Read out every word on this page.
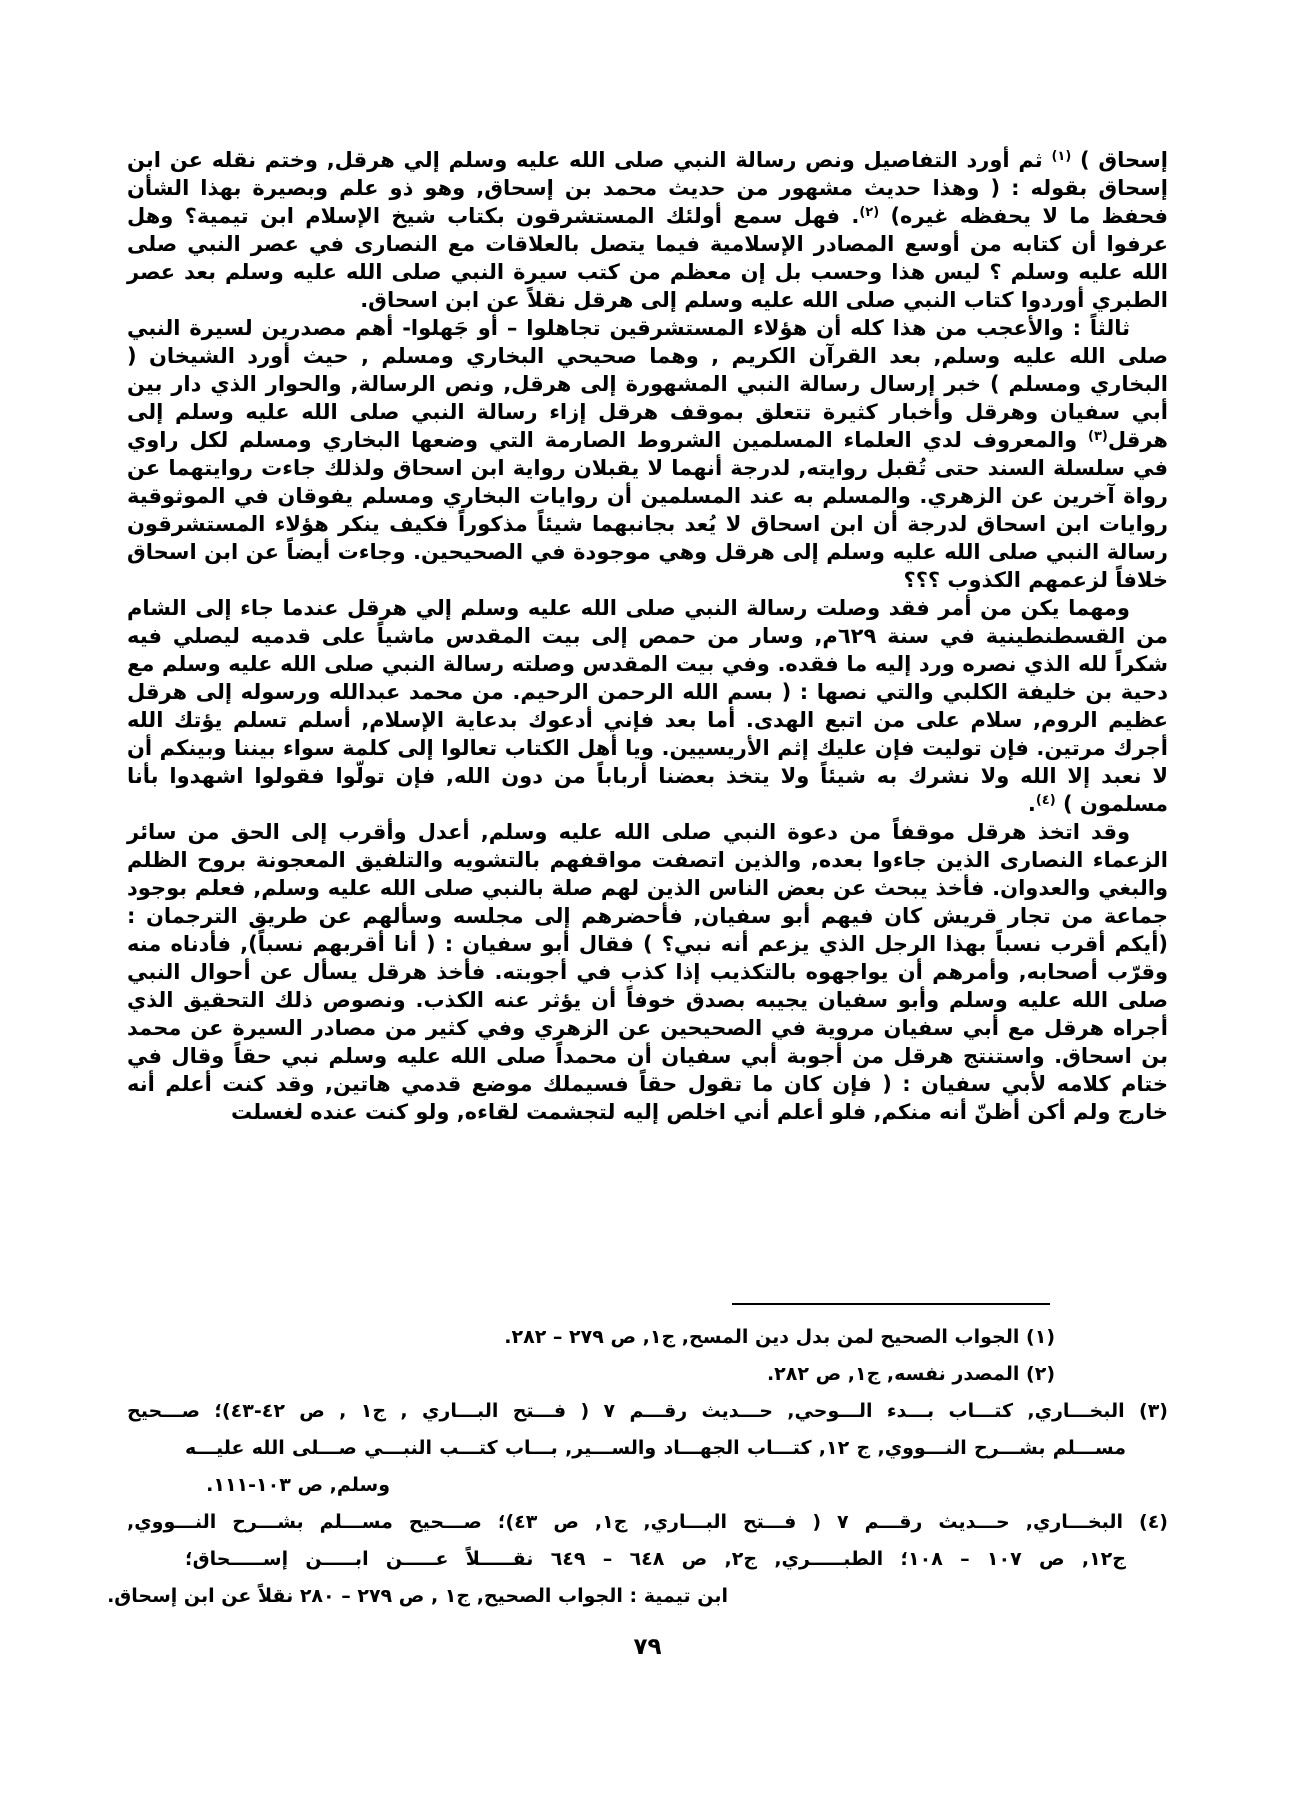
إسحاق ) $^{(١)}$ ثم أورد التفاصيل ونص رسالة النبي صلى الله عليه وسلم إلي هرقل, وختم نقله عن ابن إسحاق بقوله : ( وهذا حديث مشهور من حديث محمد بن إسحاق, وهو ذو علم وبصيرة بهذا الشأن فحفظ ما لا يحفظه غيره) $^{(٢)}$. فهل سمع أولئك المستشرقون بكتاب شيخ الإسلام ابن تيمية؟ وهل عرفوا أن كتابه من أوسع المصادر الإسلامية فيما يتصل بالعلاقات مع النصارى في عصر النبي صلى الله عليه وسلم ؟ ليس هذا وحسب بل إن معظم من كتب سيرة النبي صلى الله عليه وسلم بعد عصر الطبري أوردوا كتاب النبي صلى الله عليه وسلم إلى هرقل نقلاً عن ابن اسحاق.

ثالثاً : والأعجب من هذا كله أن هؤلاء المستشرقين تجاهلوا – أو جَهلوا- أهم مصدرين لسيرة النبي صلى الله عليه وسلم, بعد القرآن الكريم , وهما صحيحي البخاري ومسلم , حيث أورد الشيخان ( البخاري ومسلم ) خبر إرسال رسالة النبي المشهورة إلى هرقل, ونص الرسالة, والحوار الذي دار بين أبي سفيان وهرقل وأخبار كثيرة تتعلق بموقف هرقل إزاء رسالة النبي صلى الله عليه وسلم إلى هرقل$^{(٣)}$ والمعروف لدي العلماء المسلمين الشروط الصارمة التي وضعها البخاري ومسلم لكل راوي في سلسلة السند حتى تُقبل روايته, لدرجة أنهما لا يقبلان رواية ابن اسحاق ولذلك جاءت روايتهما عن رواة آخرين عن الزهري. والمسلم به عند المسلمين أن روايات البخاري ومسلم يفوقان في الموثوقية روايات ابن اسحاق لدرجة أن ابن اسحاق لا يُعد بجانبهما شيئاً مذكوراً فكيف ينكر هؤلاء المستشرقون رسالة النبي صلى الله عليه وسلم إلى هرقل وهي موجودة في الصحيحين. وجاءت أيضاً عن ابن اسحاق خلافاً لزعمهم الكذوب ؟؟؟

ومهما يكن من أمر فقد وصلت رسالة النبي صلى الله عليه وسلم إلي هرقل عندما جاء إلى الشام من القسطنطينية في سنة ٦٢٩م, وسار من حمص إلى بيت المقدس ماشياً على قدميه ليصلي فيه شكراً لله الذي نصره ورد إليه ما فقده. وفي بيت المقدس وصلته رسالة النبي صلى الله عليه وسلم مع دحية بن خليفة الكلبي والتي نصها : ( بسم الله الرحمن الرحيم. من محمد عبدالله ورسوله إلى هرقل عظيم الروم, سلام على من اتبع الهدى. أما بعد فإني أدعوك بدعاية الإسلام, أسلم تسلم يؤتك الله أجرك مرتين. فإن توليت فإن عليك إثم الأريسيين. ويا أهل الكتاب تعالوا إلى كلمة سواء بيننا وبينكم أن لا نعبد إلا الله ولا نشرك به شيئاً ولا يتخذ بعضنا أرباباً من دون الله, فإن تولّوا فقولوا اشهدوا بأنا مسلمون ) $^{(٤)}$.

وقد اتخذ هرقل موقفاً من دعوة النبي صلى الله عليه وسلم, أعدل وأقرب إلى الحق من سائر الزعماء النصارى الذين جاءوا بعده, والذين اتصفت مواقفهم بالتشويه والتلفيق المعجونة بروح الظلم والبغي والعدوان. فأخذ يبحث عن بعض الناس الذين لهم صلة بالنبي صلى الله عليه وسلم, فعلم بوجود جماعة من تجار قريش كان فيهم أبو سفيان, فأحضرهم إلى مجلسه وسألهم عن طريق الترجمان : (أيكم أقرب نسباً بهذا الرجل الذي يزعم أنه نبي؟ ) فقال أبو سفيان : ( أنا أقربهم نسباً), فأدناه منه وقرّب أصحابه, وأمرهم أن يواجهوه بالتكذيب إذا كذب في أجوبته. فأخذ هرقل يسأل عن أحوال النبي صلى الله عليه وسلم وأبو سفيان يجيبه بصدق خوفاً أن يؤثر عنه الكذب. ونصوص ذلك التحقيق الذي أجراه هرقل مع أبي سفيان مروية في الصحيحين عن الزهري وفي كثير من مصادر السيرة عن محمد بن اسحاق. واستنتج هرقل من أجوبة أبي سفيان أن محمداً صلى الله عليه وسلم نبي حقاً وقال في ختام كلامه لأبي سفيان : ( فإن كان ما تقول حقاً فسيملك موضع قدمي هاتين, وقد كنت أعلم أنه خارج ولم أكن أظنّ أنه منكم, فلو أعلم أني اخلص إليه لتجشمت لقاءه, ولو كنت عنده لغسلت

(١) الجواب الصحيح لمن بدل دين المسح, ج١, ص ٢٧٩ – ٢٨٢.
(٢) المصدر نفسه, ج١, ص ٢٨٢.
(٣) البخـــاري, كتـــاب بـــدء الـــوحي, حـــديث رقـــم ٧ ( فـــتح البـــاري , ج١ , ص ٤٢-٤٣)؛ صـــحيح
مســـلم بشـــرح النـــووي, ج ١٢, كتـــاب الجهـــاد والســـير, بـــاب كتـــب النبـــي صـــلى الله عليـــه
وسلم, ص ١٠٣-١١١.
(٤) البخـــاري, حـــديث رقـــم ٧ ( فـــتح البـــاري, ج١, ص ٤٣)؛ صـــحيح مســـلم بشـــرح النـــووي,
ج١٢, ص ١٠٧ – ١٠٨؛ الطبـــــري, ج٢, ص ٦٤٨ – ٦٤٩ نقـــــلاً عـــــن ابـــــن إســـــحاق؛
ابن تيمية : الجواب الصحيح, ج١ , ص ٢٧٩ – ٢٨٠ نقلاً عن ابن إسحاق.
٧٩
